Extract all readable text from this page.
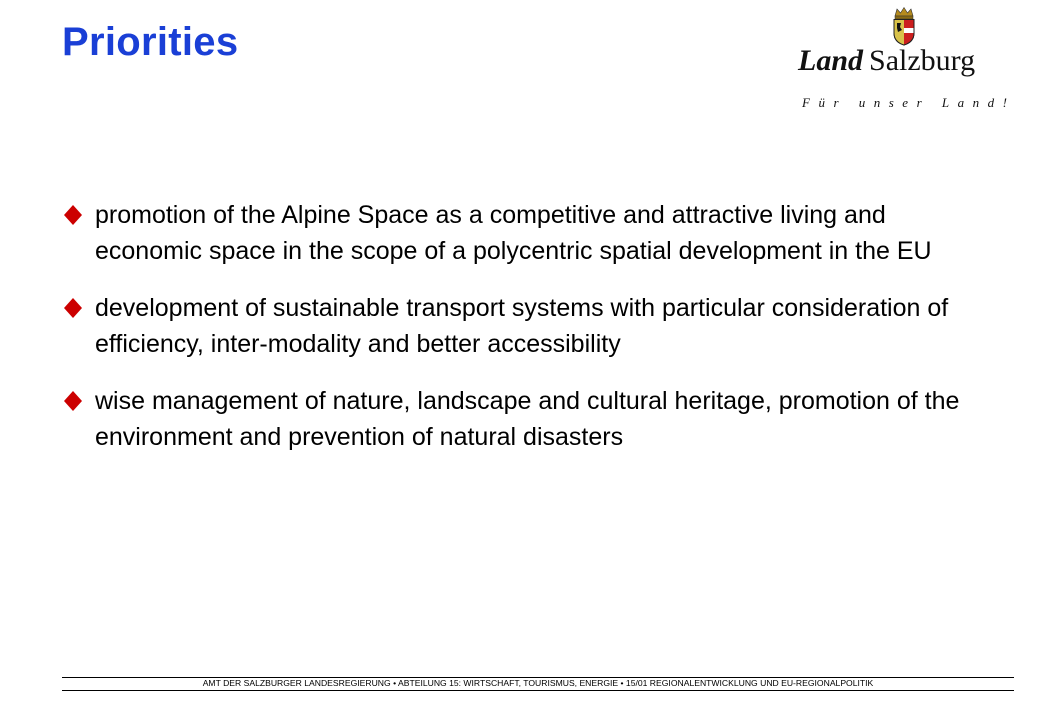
Priorities	Land Salzburg
Für unser Land!
promotion of the Alpine Space as a competitive and attractive living and economic space in the scope of a polycentric spatial development in the EU
development of sustainable transport systems with particular consideration of efficiency, inter-modality and better accessibility
wise management of nature, landscape and cultural heritage, promotion of the environment and prevention of natural disasters
AMT DER SALZBURGER LANDESREGIERUNG • ABTEILUNG 15: WIRTSCHAFT, TOURISMUS, ENERGIE • 15/01 REGIONALENTWICKLUNG UND EU-REGIONALPOLITIK
